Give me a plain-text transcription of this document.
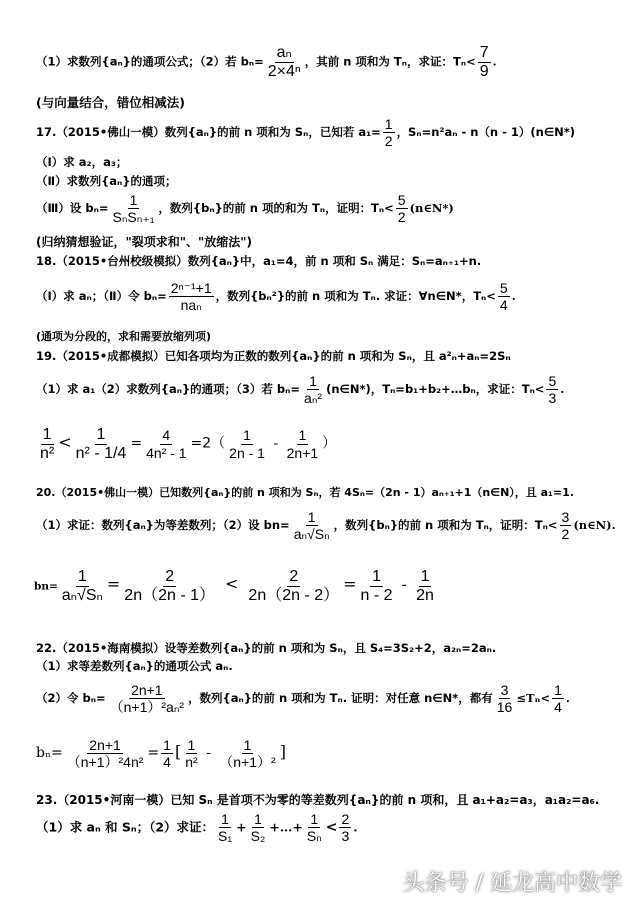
（1）求数列{aₙ}的通项公式；（2）若 $b_n= \frac{\text{aₙ}}{\text{2×4ⁿ}}$ ，其前 n 项和为 Tₙ，求证：$T_n< \frac{7}{9}$ .
(与向量结合，错位相减法)
17.（2015•佛山一模）数列{aₙ}的前 n 项和为 Sₙ，已知若 $a_1= \frac{1}{2}$ ，Sₙ=n²aₙ - n（n - 1）(n∈N*)
（Ⅰ）求 a₂，a₃；
（Ⅱ）求数列{aₙ}的通项；
（Ⅲ）设 $b_n= \frac{1}{\text{SₙSₙ₊₁}}$ ，数列{bₙ}的前 n 项的和为 Tₙ，证明：$T_n< \frac{5}{2}$ (n∈N*)
(归纳猜想验证，"裂项求和"、"放缩法")
18.（2015•台州校级模拟）数列{aₙ}中，a₁=4，前 n 项和 Sₙ 满足：Sₙ=aₙ₊₁+n.
（Ⅰ）求 aₙ；（Ⅱ）令 $b_n= \frac{\text{2ⁿ⁻¹+1}}{\text{naₙ}}$ ，数列{bₙ²}的前 n 项和为 Tₙ. 求证：∀n∈N*，$T_n< \frac{5}{4}$ .
(通项为分段的，求和需要放缩列项)
19.（2015•成都模拟）已知各项均为正数的数列{aₙ}的前 n 项和为 Sₙ，且 a²ₙ+aₙ=2Sₙ
（1）求 a₁（2）求数列{aₙ}的通项；（3）若 $b_n= \frac{1}{\text{aₙ²}}$ (n∈N*)，Tₙ=b₁+b₂+…bₙ，求证：$T_n< \frac{5}{3}$ .
$\frac{1}{\text{n²}} < \frac{1}{\text{n² - 1/4}} = \frac{4}{\text{4n² - 1}} =2( \frac{1}{2n - 1} - \frac{1}{2n+1}$ ）
20.（2015•佛山一模）已知数列{aₙ}的前 n 项和为 Sₙ，若 4Sₙ=（2n - 1）aₙ₊₁+1（n∈N），且 a₁=1.
（1）求证：数列{aₙ}为等差数列；（2）设 $bn= \frac{1}{\text{aₙ√Sₙ}}$ ，数列{bₙ}的前 n 项和为 Tₙ，证明：$T_n< \frac{3}{2}$ (n∈N).
$bn= \frac{1}{\text{aₙ√Sₙ}} = \frac{2}{2n(2n - 1)} < \frac{2}{2n(2n - 2)} = \frac{1}{n - 2} - \frac{1}{2n}$
22.（2015•海南模拟）设等差数列{aₙ}的前 n 项和为 Sₙ，且 S₄=3S₂+2，a₂ₙ=2aₙ.
（1）求等差数列{aₙ}的通项公式 aₙ.
（2）令 $b_n= \frac{2n+1}{\text{（n+1）²aₙ²}}$ ，数列{aₙ}的前 n 项和为 Tₙ. 证明：对任意 n∈N*，都有 $\frac{3}{16} \le T_n< \frac{1}{4}$ .
$b_n= \frac{2n+1}{\text{（n+1）²4n²}} = \frac{1}{4}$ [ $\frac{1}{\text{n²}} - \frac{1}{\text{（n+1）²}}$ ]
23.（2015•河南一模）已知 Sₙ 是首项不为零的等差数列{aₙ}的前 n 项和，且 a₁+a₂=a₃，a₁a₂=a₆.
（1）求 aₙ 和 Sₙ；（2）求证： $\frac{1}{\text{S₁}} + \frac{1}{\text{S₂}}$ +…+ $\frac{1}{\text{Sₙ}} < \frac{2}{3}$ .
头条号 / 延龙高中数学
